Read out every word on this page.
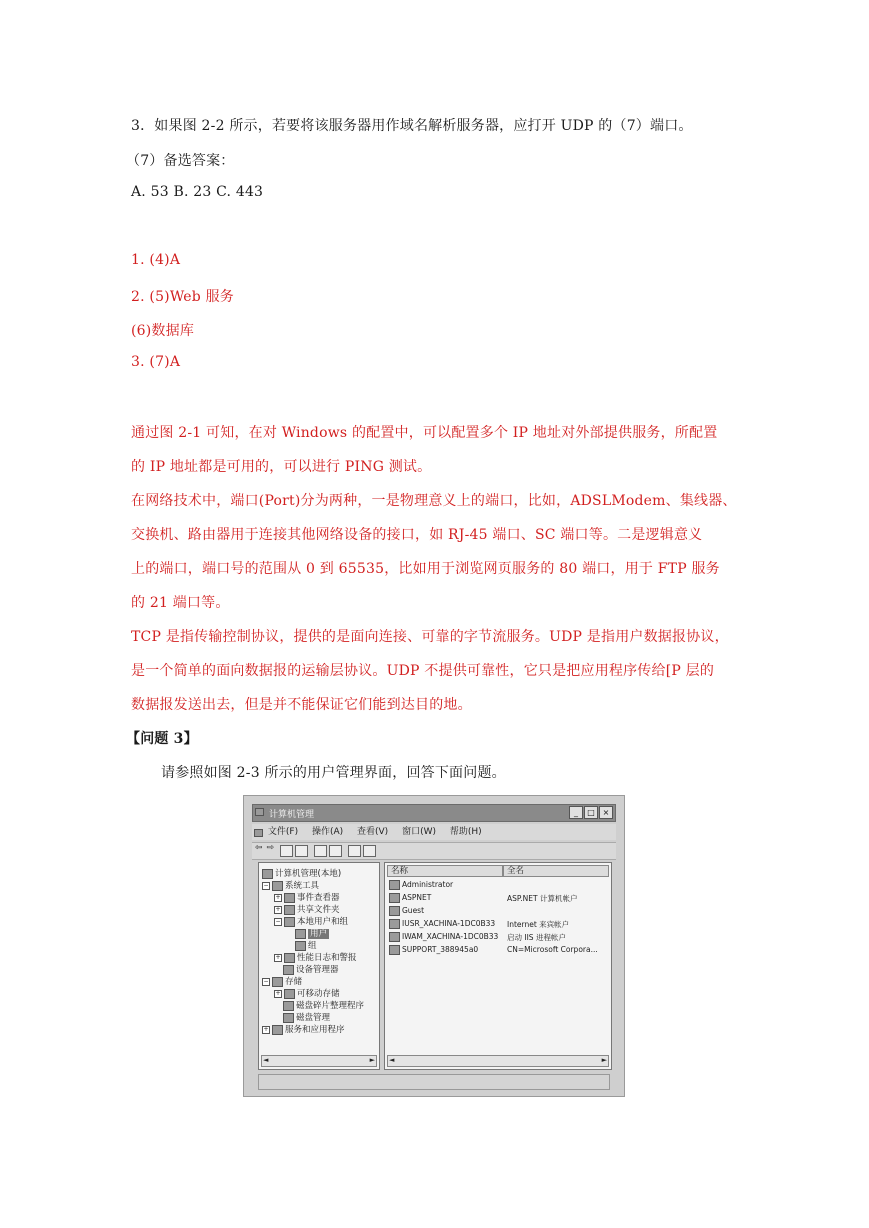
3．如果图 2-2 所示，若要将该服务器用作域名解析服务器，应打开 UDP 的（7）端口。
（7）备选答案：
A. 53 B. 23 C. 443
1. (4)A
2. (5)Web 服务
(6)数据库
3. (7)A
通过图 2-1 可知，在对 Windows 的配置中，可以配置多个 IP 地址对外部提供服务，所配置
的 IP 地址都是可用的，可以进行 PING 测试。
在网络技术中，端口(Port)分为两种，一是物理意义上的端口，比如，ADSLModem、集线器、
交换机、路由器用于连接其他网络设备的接口，如 RJ-45 端口、SC 端口等。二是逻辑意义
上的端口，端口号的范围从 0 到 65535，比如用于浏览网页服务的 80 端口，用于 FTP 服务
的 21 端口等。
TCP 是指传输控制协议，提供的是面向连接、可靠的字节流服务。UDP 是指用户数据报协议，
是一个简单的面向数据报的运输层协议。UDP 不提供可靠性，它只是把应用程序传给[P 层的
数据报发送出去，但是并不能保证它们能到达目的地。
【问题 3】
请参照如图 2-3 所示的用户管理界面，回答下面问题。
计算机管理	_ □ ×
文件(F) 操作(A) 查看(V) 窗口(W) 帮助(H)
⇦ ⇨
计算机管理(本地)
− 系统工具
+ 事件查看器
+ 共享文件夹
− 本地用户和组
用户
组
+ 性能日志和警报
设备管理器
− 存储
+ 可移动存储
磁盘碎片整理程序
磁盘管理
+ 服务和应用程序
◄	►
名称	全名
Administrator
ASPNET	ASP.NET 计算机帐户
Guest
IUSR_XACHINA-1DC0B33 Internet 来宾帐户
IWAM_XACHINA-1DC0B33 启动 IIS 进程帐户
SUPPORT_388945a0	CN=Microsoft Corpora...
◄	►
